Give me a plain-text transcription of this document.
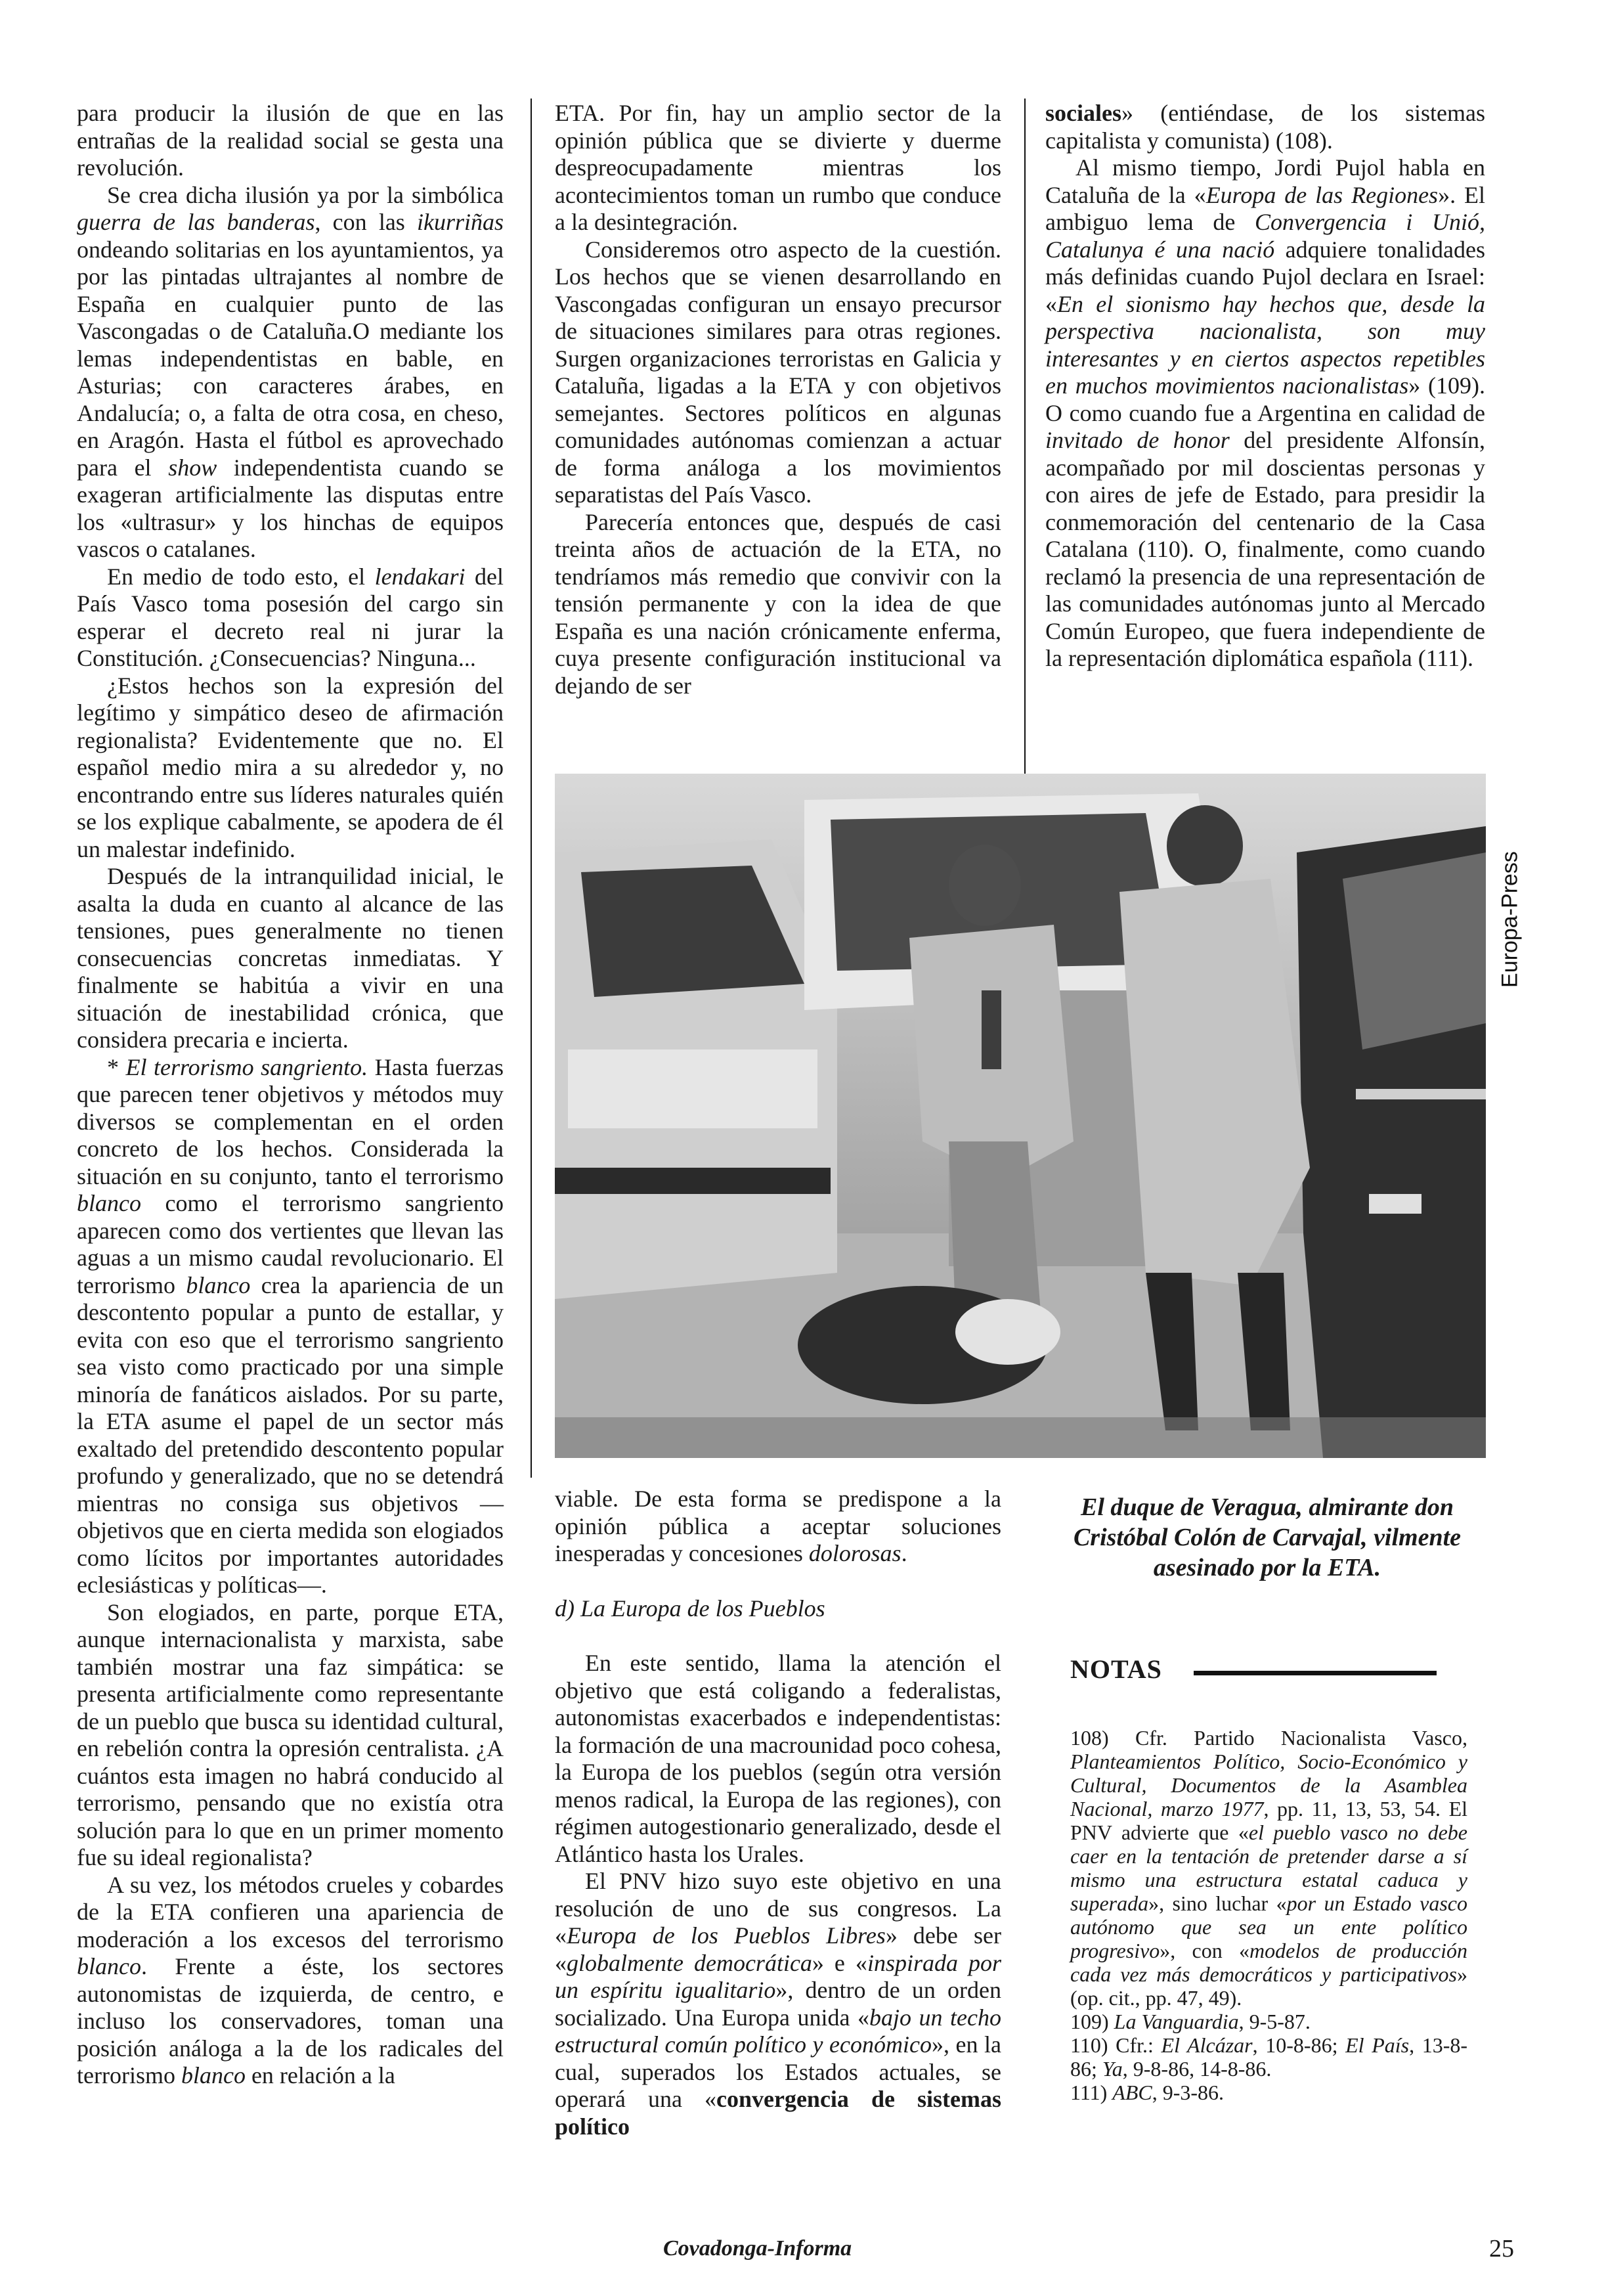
para producir la ilusión de que en las entrañas de la realidad social se gesta una revolución.

Se crea dicha ilusión ya por la simbólica guerra de las banderas, con las ikurriñas ondeando solitarias en los ayuntamientos, ya por las pintadas ultrajantes al nombre de España en cualquier punto de las Vascongadas o de Cataluña.O mediante los lemas independentistas en bable, en Asturias; con caracteres árabes, en Andalucía; o, a falta de otra cosa, en cheso, en Aragón. Hasta el fútbol es aprovechado para el show independentista cuando se exageran artificialmente las disputas entre los «ultrasur» y los hinchas de equipos vascos o catalanes.

En medio de todo esto, el lendakari del País Vasco toma posesión del cargo sin esperar el decreto real ni jurar la Constitución. ¿Consecuencias? Ninguna...

¿Estos hechos son la expresión del legítimo y simpático deseo de afirmación regionalista? Evidentemente que no. El español medio mira a su alrededor y, no encontrando entre sus líderes naturales quién se los explique cabalmente, se apodera de él un malestar indefinido.

Después de la intranquilidad inicial, le asalta la duda en cuanto al alcance de las tensiones, pues generalmente no tienen consecuencias concretas inmediatas. Y finalmente se habitúa a vivir en una situación de inestabilidad crónica, que considera precaria e incierta.

* El terrorismo sangriento. Hasta fuerzas que parecen tener objetivos y métodos muy diversos se complementan en el orden concreto de los hechos. Considerada la situación en su conjunto, tanto el terrorismo blanco como el terrorismo sangriento aparecen como dos vertientes que llevan las aguas a un mismo caudal revolucionario. El terrorismo blanco crea la apariencia de un descontento popular a punto de estallar, y evita con eso que el terrorismo sangriento sea visto como practicado por una simple minoría de fanáticos aislados. Por su parte, la ETA asume el papel de un sector más exaltado del pretendido descontento popular profundo y generalizado, que no se detendrá mientras no consiga sus objetivos —objetivos que en cierta medida son elogiados como lícitos por importantes autoridades eclesiásticas y políticas—.

Son elogiados, en parte, porque ETA, aunque internacionalista y marxista, sabe también mostrar una faz simpática: se presenta artificialmente como representante de un pueblo que busca su identidad cultural, en rebelión contra la opresión centralista. ¿A cuántos esta imagen no habrá conducido al terrorismo, pensando que no existía otra solución para lo que en un primer momento fue su ideal regionalista?

A su vez, los métodos crueles y cobardes de la ETA confieren una apariencia de moderación a los excesos del terrorismo blanco. Frente a éste, los sectores autonomistas de izquierda, de centro, e incluso los conservadores, toman una posición análoga a la de los radicales del terrorismo blanco en relación a la

ETA. Por fin, hay un amplio sector de la opinión pública que se divierte y duerme despreocupadamente mientras los acontecimientos toman un rumbo que conduce a la desintegración.

Consideremos otro aspecto de la cuestión. Los hechos que se vienen desarrollando en Vascongadas configuran un ensayo precursor de situaciones similares para otras regiones. Surgen organizaciones terroristas en Galicia y Cataluña, ligadas a la ETA y con objetivos semejantes. Sectores políticos en algunas comunidades autónomas comienzan a actuar de forma análoga a los movimientos separatistas del País Vasco.

Parecería entonces que, después de casi treinta años de actuación de la ETA, no tendríamos más remedio que convivir con la tensión permanente y con la idea de que España es una nación crónicamente enferma, cuya presente configuración institucional va dejando de ser

sociales» (entiéndase, de los sistemas capitalista y comunista) (108).

Al mismo tiempo, Jordi Pujol habla en Cataluña de la «Europa de las Regiones». El ambiguo lema de Convergencia i Unió, Catalunya é una nació adquiere tonalidades más definidas cuando Pujol declara en Israel: «En el sionismo hay hechos que, desde la perspectiva nacionalista, son muy interesantes y en ciertos aspectos repetibles en muchos movimientos nacionalistas» (109). O como cuando fue a Argentina en calidad de invitado de honor del presidente Alfonsín, acompañado por mil doscientas personas y con aires de jefe de Estado, para presidir la conmemoración del centenario de la Casa Catalana (110). O, finalmente, como cuando reclamó la presencia de una representación de las comunidades autónomas junto al Mercado Común Europeo, que fuera independiente de la representación diplomática española (111).

Europa-Press

viable. De esta forma se predispone a la opinión pública a aceptar soluciones inesperadas y concesiones dolorosas.

d) La Europa de los Pueblos

En este sentido, llama la atención el objetivo que está coligando a federalistas, autonomistas exacerbados e independentistas: la formación de una macrounidad poco cohesa, la Europa de los pueblos (según otra versión menos radical, la Europa de las regiones), con régimen autogestionario generalizado, desde el Atlántico hasta los Urales.

El PNV hizo suyo este objetivo en una resolución de uno de sus congresos. La «Europa de los Pueblos Libres» debe ser «globalmente democrática» e «inspirada por un espíritu igualitario», dentro de un orden socializado. Una Europa unida «bajo un techo estructural común político y económico», en la cual, superados los Estados actuales, se operará una «convergencia de sistemas político

El duque de Veragua, almirante don Cristóbal Colón de Carvajal, vilmente asesinado por la ETA.
NOTAS

108) Cfr. Partido Nacionalista Vasco, Planteamientos Político, Socio-Económico y Cultural, Documentos de la Asamblea Nacional, marzo 1977, pp. 11, 13, 53, 54. El PNV advierte que «el pueblo vasco no debe caer en la tentación de pretender darse a sí mismo una estructura estatal caduca y superada», sino luchar «por un Estado vasco autónomo que sea un ente político progresivo», con «modelos de producción cada vez más democráticos y participativos» (op. cit., pp. 47, 49).

109) La Vanguardia, 9-5-87.

110) Cfr.: El Alcázar, 10-8-86; El País, 13-8-86; Ya, 9-8-86, 14-8-86.

111) ABC, 9-3-86.

Covadonga-Informa	25
